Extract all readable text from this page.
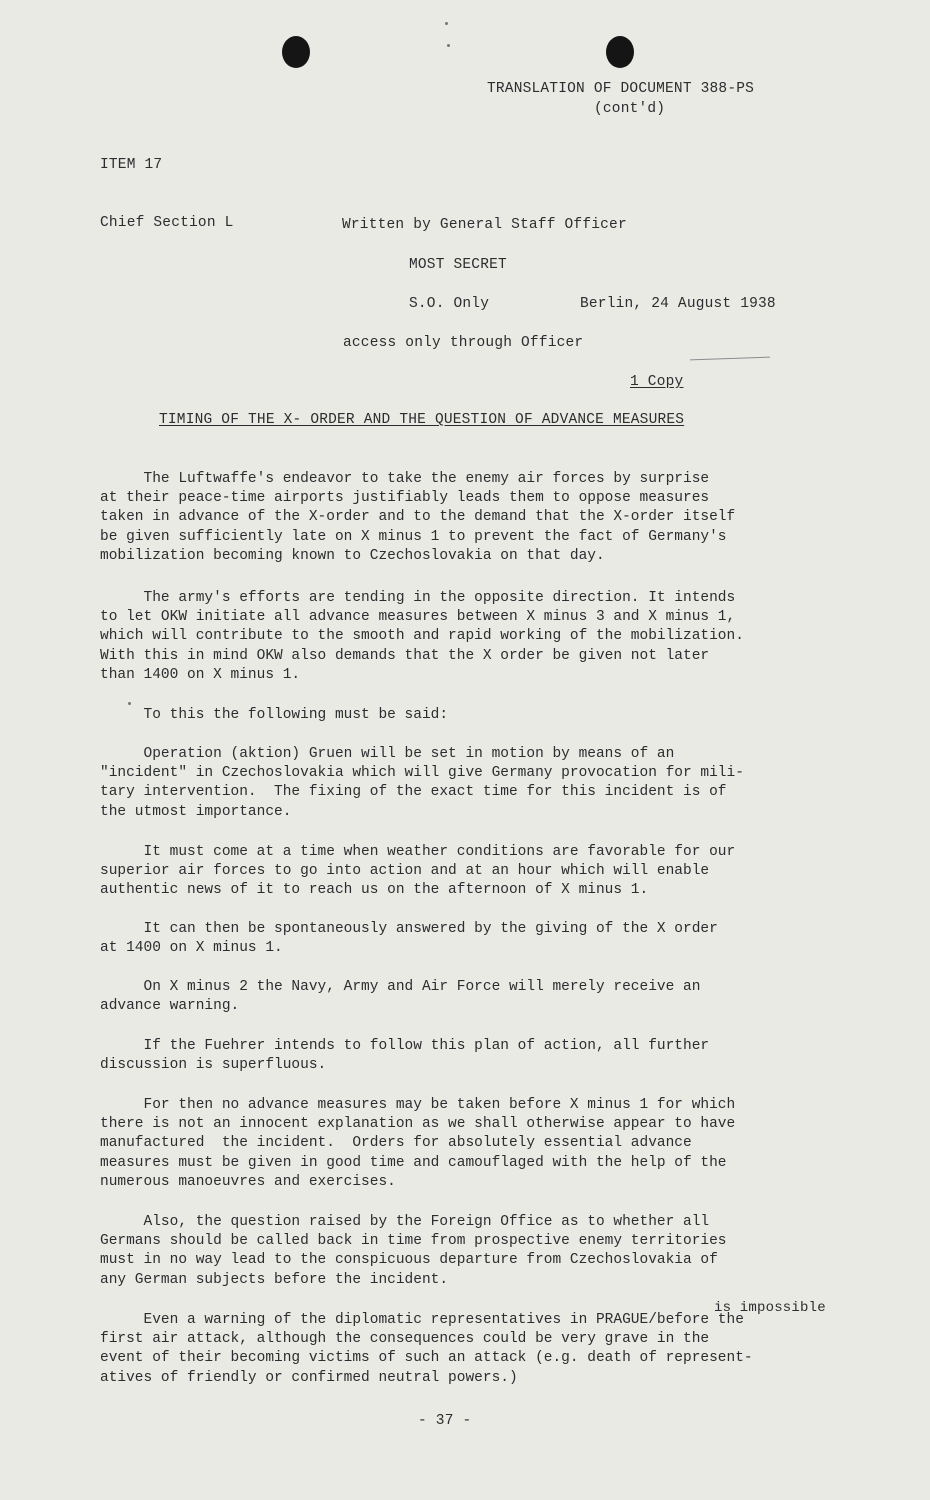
TRANSLATION OF DOCUMENT 388-PS
(cont'd)
ITEM 17
Chief Section L	Written by General Staff Officer
MOST SECRET
S.O. Only	Berlin, 24 August 1938
access only through Officer
1 Copy
TIMING OF THE X- ORDER AND THE QUESTION OF ADVANCE MEASURES
The Luftwaffe's endeavor to take the enemy air forces by surprise
at their peace-time airports justifiably leads them to oppose measures
taken in advance of the X-order and to the demand that the X-order itself
be given sufficiently late on X minus 1 to prevent the fact of Germany's
mobilization becoming known to Czechoslovakia on that day.
The army's efforts are tending in the opposite direction. It intends
to let OKW initiate all advance measures between X minus 3 and X minus 1,
which will contribute to the smooth and rapid working of the mobilization.
With this in mind OKW also demands that the X order be given not later
than 1400 on X minus 1.
To this the following must be said:
Operation (aktion) Gruen will be set in motion by means of an
"incident" in Czechoslovakia which will give Germany provocation for mili-
tary intervention.  The fixing of the exact time for this incident is of
the utmost importance.
It must come at a time when weather conditions are favorable for our
superior air forces to go into action and at an hour which will enable
authentic news of it to reach us on the afternoon of X minus 1.
It can then be spontaneously answered by the giving of the X order
at 1400 on X minus 1.
On X minus 2 the Navy, Army and Air Force will merely receive an
advance warning.
If the Fuehrer intends to follow this plan of action, all further
discussion is superfluous.
For then no advance measures may be taken before X minus 1 for which
there is not an innocent explanation as we shall otherwise appear to have
manufactured  the incident.  Orders for absolutely essential advance
measures must be given in good time and camouflaged with the help of the
numerous manoeuvres and exercises.
Also, the question raised by the Foreign Office as to whether all
Germans should be called back in time from prospective enemy territories
must in no way lead to the conspicuous departure from Czechoslovakia of
any German subjects before the incident.
is impossible
Even a warning of the diplomatic representatives in PRAGUE/before the
first air attack, although the consequences could be very grave in the
event of their becoming victims of such an attack (e.g. death of represent-
atives of friendly or confirmed neutral powers.)
- 37 -
